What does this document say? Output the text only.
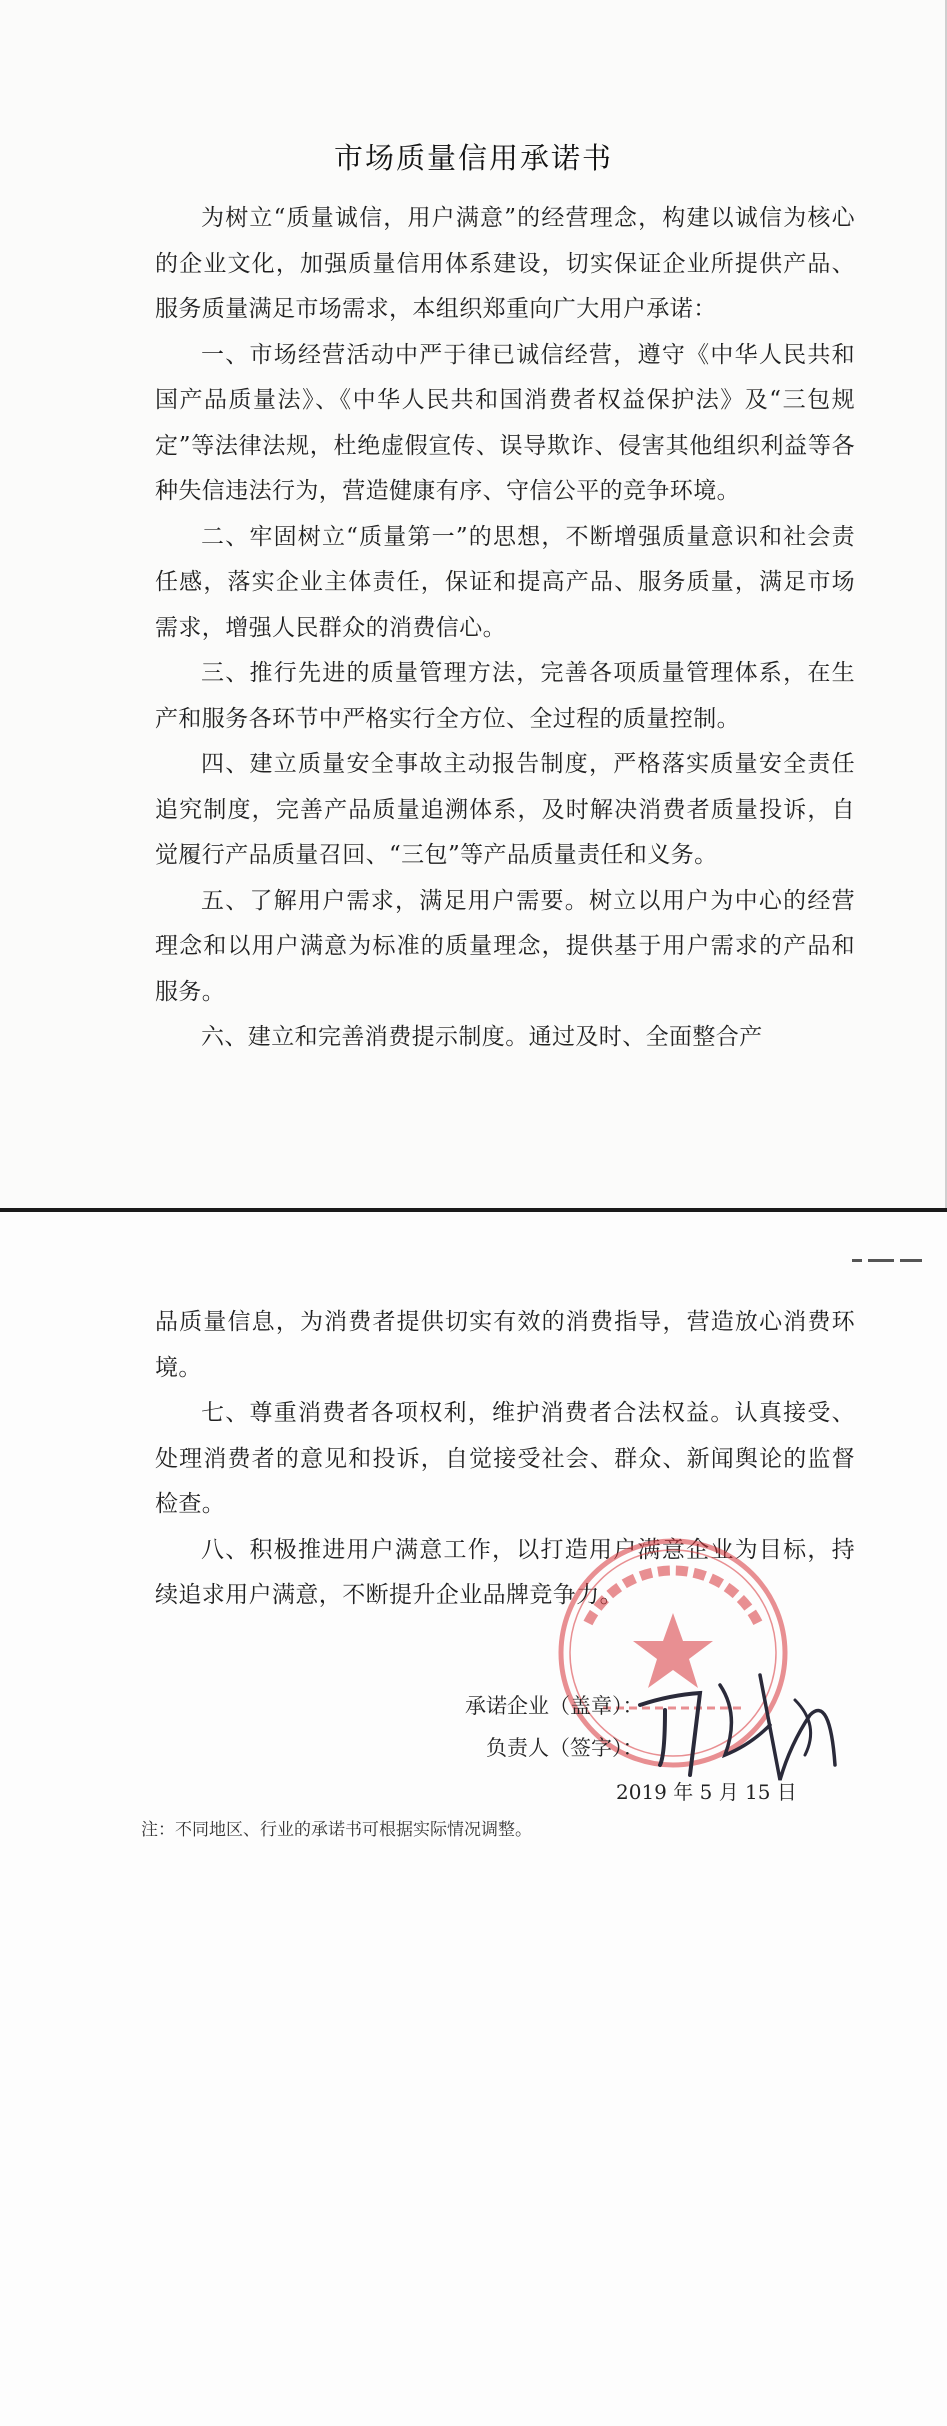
市场质量信用承诺书

为树立“质量诚信，用户满意”的经营理念，构建以诚信为核心的企业文化，加强质量信用体系建设，切实保证企业所提供产品、服务质量满足市场需求，本组织郑重向广大用户承诺：

一、市场经营活动中严于律已诚信经营，遵守《中华人民共和国产品质量法》、《中华人民共和国消费者权益保护法》及“三包规定”等法律法规，杜绝虚假宣传、误导欺诈、侵害其他组织利益等各种失信违法行为，营造健康有序、守信公平的竞争环境。

二、牢固树立“质量第一”的思想，不断增强质量意识和社会责任感，落实企业主体责任，保证和提高产品、服务质量，满足市场需求，增强人民群众的消费信心。

三、推行先进的质量管理方法，完善各项质量管理体系，在生产和服务各环节中严格实行全方位、全过程的质量控制。

四、建立质量安全事故主动报告制度，严格落实质量安全责任追究制度，完善产品质量追溯体系，及时解决消费者质量投诉，自觉履行产品质量召回、“三包”等产品质量责任和义务。

五、了解用户需求，满足用户需要。树立以用户为中心的经营理念和以用户满意为标准的质量理念，提供基于用户需求的产品和服务。

六、建立和完善消费提示制度。通过及时、全面整合产

品质量信息，为消费者提供切实有效的消费指导，营造放心消费环境。

七、尊重消费者各项权利，维护消费者合法权益。认真接受、处理消费者的意见和投诉，自觉接受社会、群众、新闻舆论的监督检查。

八、积极推进用户满意工作，以打造用户满意企业为目标，持续追求用户满意，不断提升企业品牌竞争力。

承诺企业（盖章）：
负责人（签字）：
2019 年 5 月 15 日
注：不同地区、行业的承诺书可根据实际情况调整。
